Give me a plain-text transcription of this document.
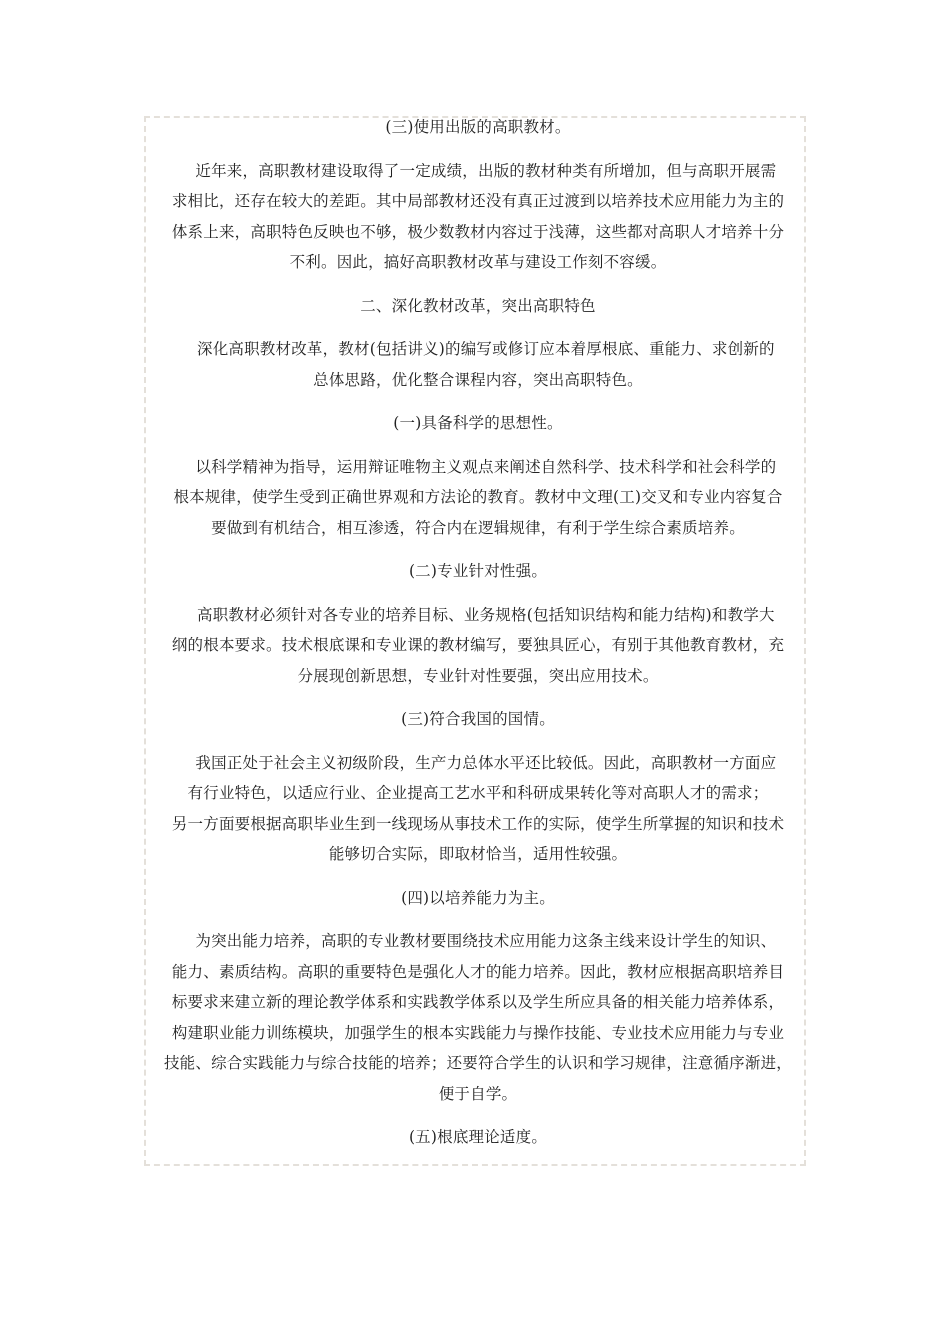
(三)使用出版的高职教材。
　近年来，高职教材建设取得了一定成绩，出版的教材种类有所增加，但与高职开展需
求相比，还存在较大的差距。其中局部教材还没有真正过渡到以培养技术应用能力为主的
体系上来，高职特色反映也不够，极少数教材内容过于浅薄，这些都对高职人才培养十分
不利。因此，搞好高职教材改革与建设工作刻不容缓。
二、深化教材改革，突出高职特色
　深化高职教材改革，教材(包括讲义)的编写或修订应本着厚根底、重能力、求创新的
总体思路，优化整合课程内容，突出高职特色。
(一)具备科学的思想性。
　以科学精神为指导，运用辩证唯物主义观点来阐述自然科学、技术科学和社会科学的
根本规律，使学生受到正确世界观和方法论的教育。教材中文理(工)交叉和专业内容复合
要做到有机结合，相互渗透，符合内在逻辑规律，有利于学生综合素质培养。
(二)专业针对性强。
　高职教材必须针对各专业的培养目标、业务规格(包括知识结构和能力结构)和教学大
纲的根本要求。技术根底课和专业课的教材编写，要独具匠心，有别于其他教育教材，充
分展现创新思想，专业针对性要强，突出应用技术。
(三)符合我国的国情。
　我国正处于社会主义初级阶段，生产力总体水平还比较低。因此，高职教材一方面应
有行业特色，以适应行业、企业提高工艺水平和科研成果转化等对高职人才的需求；
另一方面要根据高职毕业生到一线现场从事技术工作的实际，使学生所掌握的知识和技术
能够切合实际，即取材恰当，适用性较强。
(四)以培养能力为主。
　为突出能力培养，高职的专业教材要围绕技术应用能力这条主线来设计学生的知识、
能力、素质结构。高职的重要特色是强化人才的能力培养。因此，教材应根据高职培养目
标要求来建立新的理论教学体系和实践教学体系以及学生所应具备的相关能力培养体系，
构建职业能力训练模块，加强学生的根本实践能力与操作技能、专业技术应用能力与专业
技能、综合实践能力与综合技能的培养；还要符合学生的认识和学习规律，注意循序渐进，
便于自学。
(五)根底理论适度。
